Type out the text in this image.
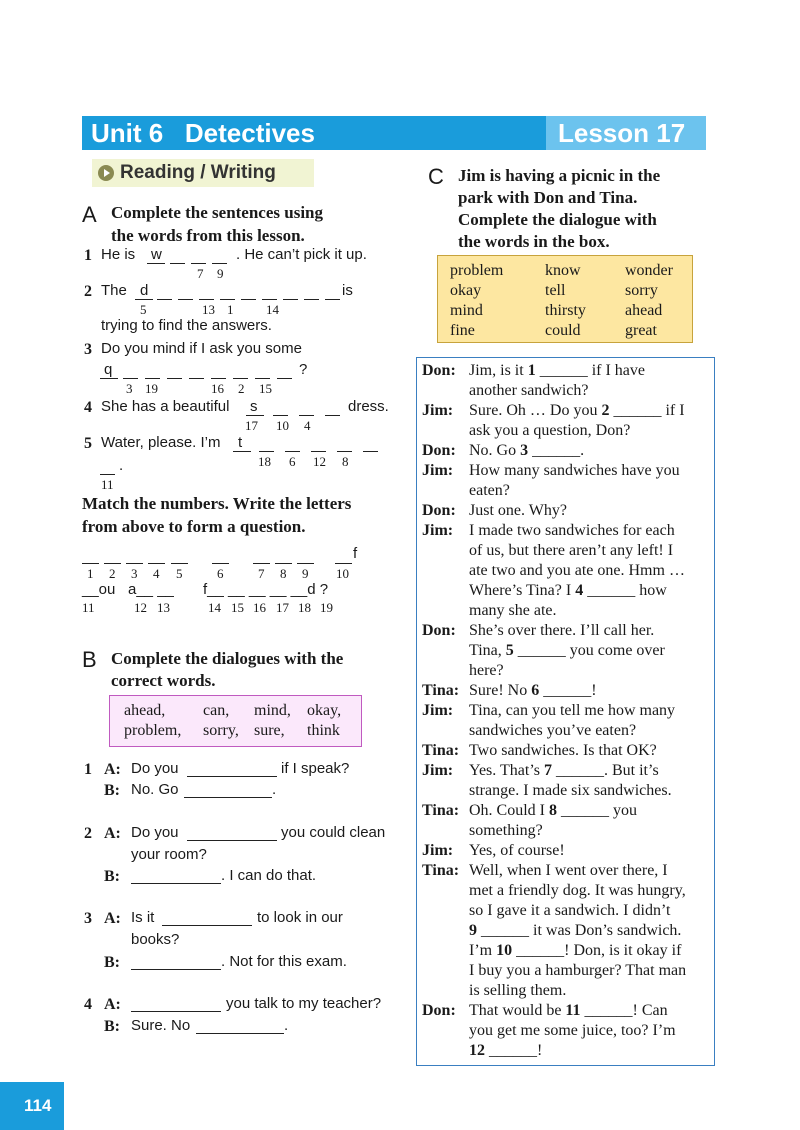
Unit 6   Detectives	Lesson 17
Reading / Writing
A Complete the sentences using
the words from this lesson.
1 He is w
7 9
. He can’t pick it up.
2 The d
5	13 1	14
is
trying to find the answers.
3 Do you mind if I ask you some
q
3 19	16 2 15
?
4 She has a beautiful s
17 10 4
dress.
5 Water, please. I’m t
18 6 12 8
11
.
Match the numbers. Write the letters
from above to form a question.
f
1 2 3 4 5	6	7 8 9 10
__ou a__ __ f__ __ __ __ __d ?
11	12 13	14 15 16 17 18 19
B Complete the dialogues with the
correct words.
ahead, can, mind, okay,
problem, sorry, sure, think
1 A: Do you	if I speak?
B: No. Go	.
2 A: Do you	you could clean
your room?
B:	. I can do that.
3 A: Is it	to look in our
books?
B:	. Not for this exam.
4 A:	you talk to my teacher?
B: Sure. No	.
C Jim is having a picnic in the
park with Don and Tina.
Complete the dialogue with
the words in the box.
problem	know	wonder
okay	tell	sorry
mind	thirsty ahead
fine	could	great
Don: Jim, is it 1 ______ if I have
another sandwich?
Jim: Sure. Oh … Do you 2 ______ if I
ask you a question, Don?
Don: No. Go 3 ______.
Jim: How many sandwiches have you
eaten?
Don: Just one. Why?
Jim: I made two sandwiches for each
of us, but there aren’t any left! I
ate two and you ate one. Hmm …
Where’s Tina? I 4 ______ how
many she ate.
Don: She’s over there. I’ll call her.
Tina, 5 ______ you come over
here?
Tina: Sure! No 6 ______!
Jim: Tina, can you tell me how many
sandwiches you’ve eaten?
Tina: Two sandwiches. Is that OK?
Jim: Yes. That’s 7 ______. But it’s
strange. I made six sandwiches.
Tina: Oh. Could I 8 ______ you
something?
Jim: Yes, of course!
Tina: Well, when I went over there, I
met a friendly dog. It was hungry,
so I gave it a sandwich. I didn’t
9 ______ it was Don’s sandwich.
I’m 10 ______! Don, is it okay if
I buy you a hamburger? That man
is selling them.
Don: That would be 11 ______! Can
you get me some juice, too? I’m
12 ______!
114
